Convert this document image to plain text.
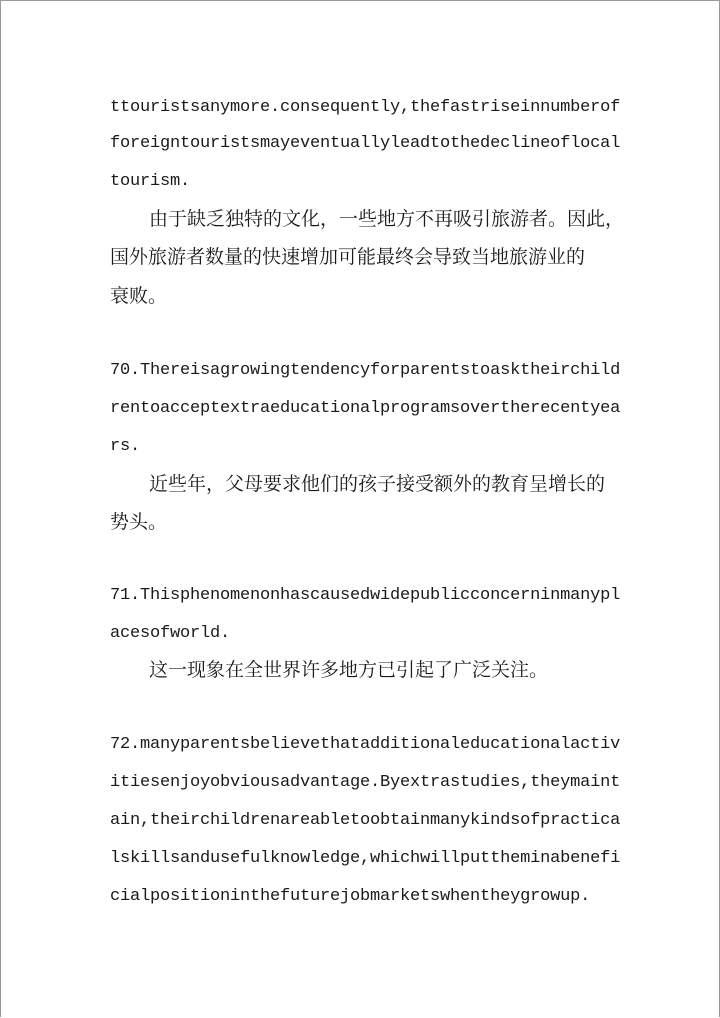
ttouristsanymore.consequently,thefastriseinnumberof
foreigntouristsmayeventuallyleadtothedeclineoflocal
tourism.
由于缺乏独特的文化，一些地方不再吸引旅游者。因此，
国外旅游者数量的快速增加可能最终会导致当地旅游业的
衰败。
70.Thereisagrowingtendencyforparentstoasktheirchild
rentoacceptextraeducationalprogramsovertherecentyea
rs.
近些年，父母要求他们的孩子接受额外的教育呈增长的
势头。
71.Thisphenomenonhascausedwidepublicconcerninmanypl
acesofworld.
这一现象在全世界许多地方已引起了广泛关注。
72.manyparentsbelievethatadditionaleducationalactiv
itiesenjoyobviousadvantage.Byextrastudies,theymaint
ain,theirchildrenareabletoobtainmanykindsofpractica
lskillsandusefulknowledge,whichwillputtheminabenefi
cialpositioninthefuturejobmarketswhentheygrowup.
